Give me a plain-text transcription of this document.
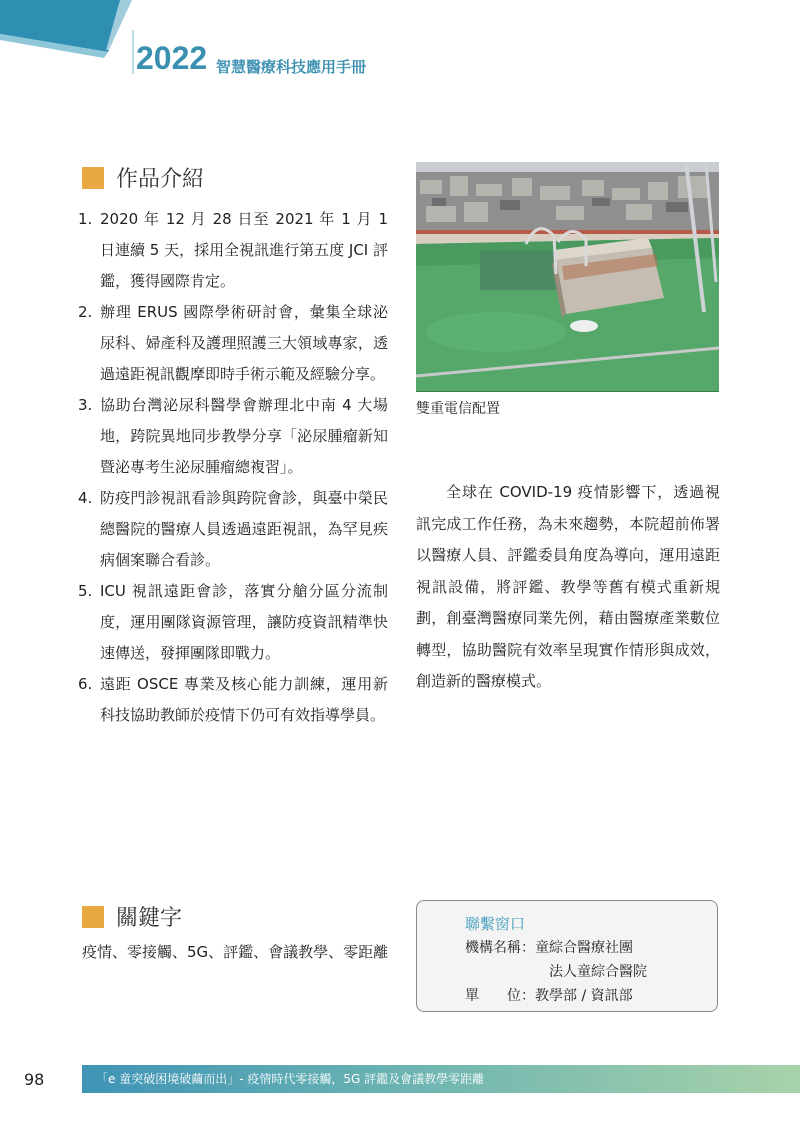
2022 智慧醫療科技應用手冊
作品介紹
1. 2020 年 12 月 28 日至 2021 年 1 月 1 日連續 5 天，採用全視訊進行第五度 JCI 評鑑，獲得國際肯定。
2. 辦理 ERUS 國際學術研討會，彙集全球泌尿科、婦產科及護理照護三大領域專家，透過遠距視訊觀摩即時手術示範及經驗分享。
3. 協助台灣泌尿科醫學會辦理北中南 4 大場地，跨院異地同步教學分享「泌尿腫瘤新知暨泌專考生泌尿腫瘤總複習」。
4. 防疫門診視訊看診與跨院會診，與臺中榮民總醫院的醫療人員透過遠距視訊，為罕見疾病個案聯合看診。
5. ICU 視訊遠距會診，落實分艙分區分流制度，運用團隊資源管理，讓防疫資訊精準快速傳送，發揮團隊即戰力。
6. 遠距 OSCE 專業及核心能力訓練，運用新科技協助教師於疫情下仍可有效指導學員。
雙重電信配置
全球在 COVID-19 疫情影響下，透過視訊完成工作任務，為未來趨勢，本院超前佈署以醫療人員、評鑑委員角度為導向，運用遠距視訊設備，將評鑑、教學等舊有模式重新規劃，創臺灣醫療同業先例，藉由醫療產業數位轉型，協助醫院有效率呈現實作情形與成效，創造新的醫療模式。
關鍵字
疫情、零接觸、5G、評鑑、會議教學、零距離
聯繫窗口
機構名稱：童綜合醫療社團
法人童綜合醫院
單　　位：教學部 / 資訊部
98	「e 童突破困境破繭而出」- 疫情時代零接觸，5G 評鑑及會議教學零距離
